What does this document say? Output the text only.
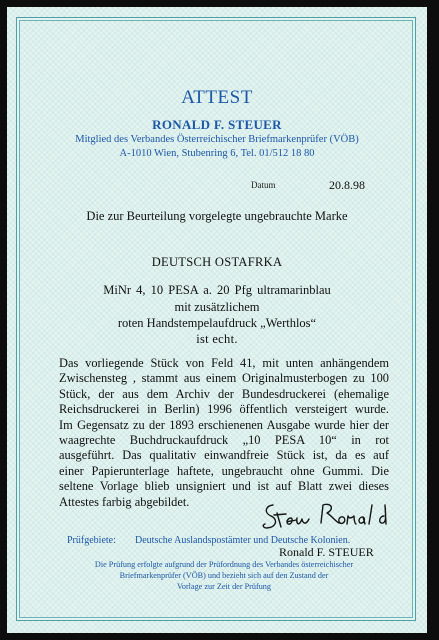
ATTEST
RONALD F. STEUER
Mitglied des Verbandes Österreichischer Briefmarkenprüfer (VÖB)
A-1010 Wien, Stubenring 6, Tel. 01/512 18 80
Datum	20.8.98
Die zur Beurteilung vorgelegte ungebrauchte Marke
DEUTSCH OSTAFRKA
MiNr 4, 10 PESA a. 20 Pfg ultramarinblau
mit zusätzlichem
roten Handstempelaufdruck „Werthlos“
ist echt.
Das vorliegende Stück von Feld 41, mit unten anhängendem
Zwischensteg , stammt aus einem Originalmusterbogen zu 100
Stück, der aus dem Archiv der Bundesdruckerei (ehemalige
Reichsdruckerei in Berlin) 1996 öffentlich versteigert wurde.
Im Gegensatz zu der 1893 erschienenen Ausgabe wurde hier der
waagrechte Buchdruckaufdruck „10 PESA 10“ in rot
ausgeführt. Das qualitativ einwandfreie Stück ist, da es auf
einer Papierunterlage haftete, ungebraucht ohne Gummi. Die
seltene Vorlage blieb unsigniert und ist auf Blatt zwei dieses
Attestes farbig abgebildet.
Prüfgebiete: Deutsche Auslandspostämter und Deutsche Kolonien.
Ronald F. STEUER
Die Prüfung erfolgte aufgrund der Prüfordnung des Verbandes österreichischer
Briefmarkenprüfer (VÖB) und bezieht sich auf den Zustand der
Vorlage zur Zeit der Prüfung
